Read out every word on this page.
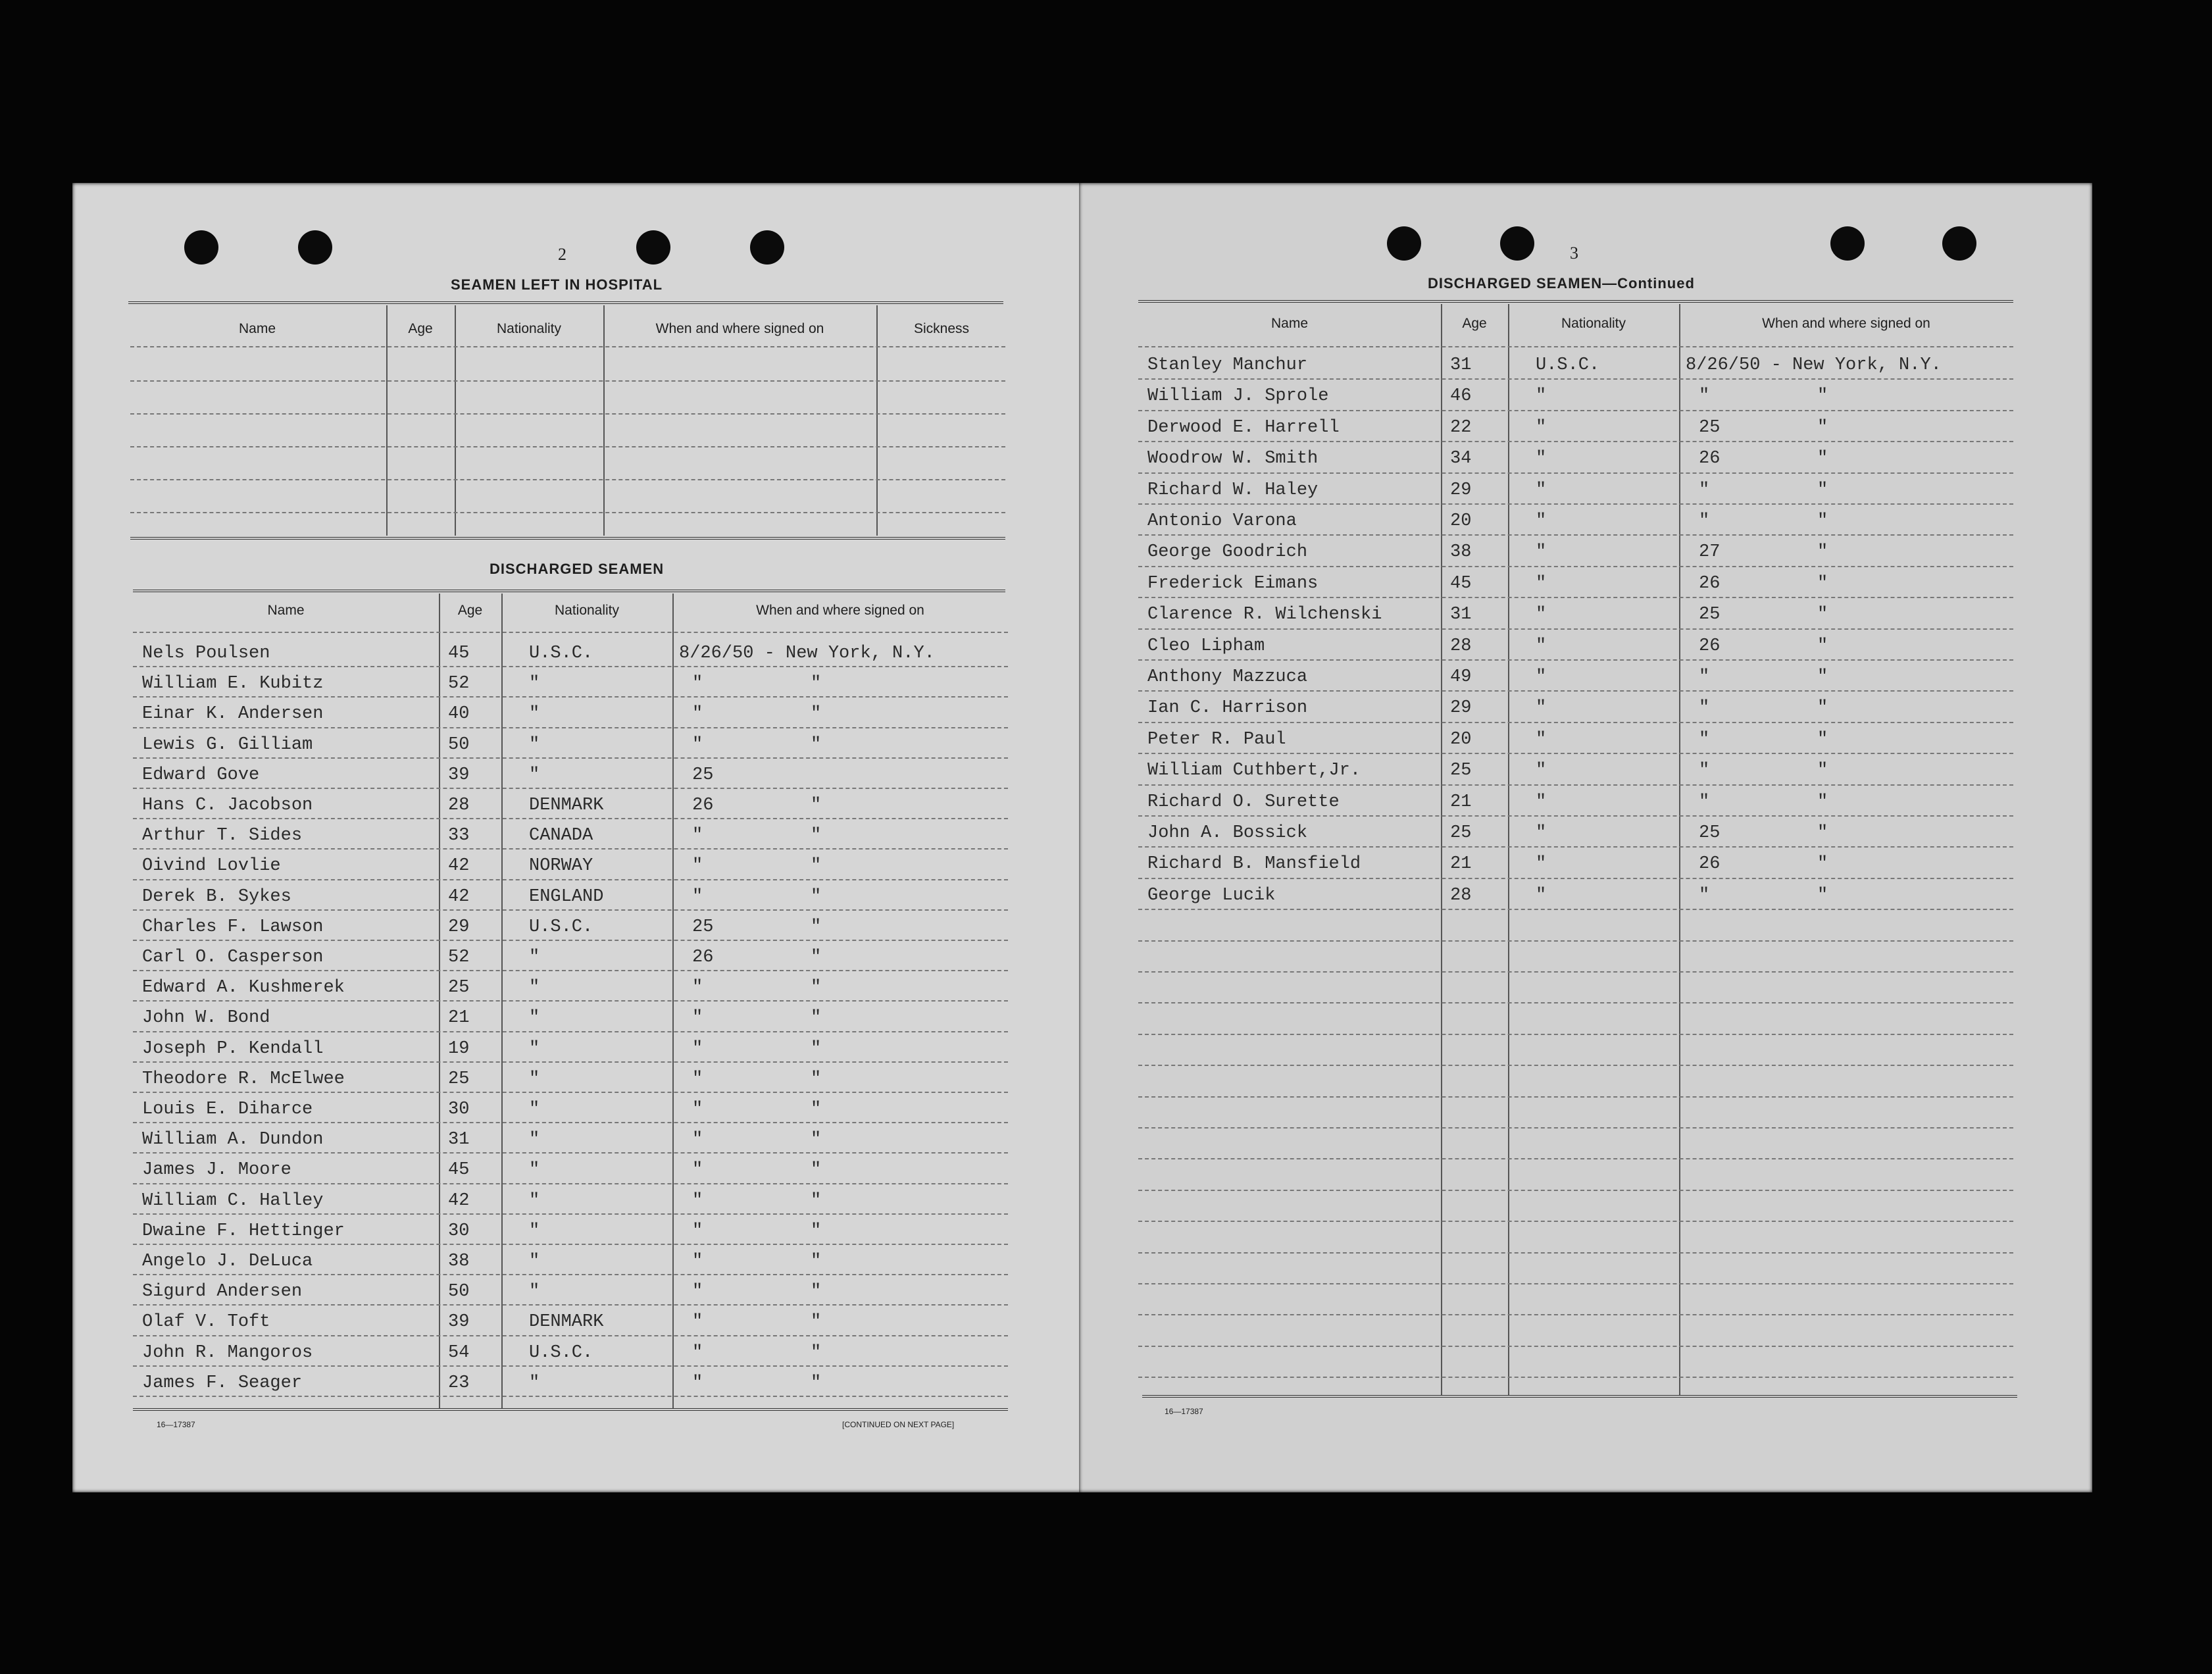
2
SEAMEN LEFT IN HOSPITAL
Name	Age	Nationality	When and where signed on	Sickness
DISCHARGED SEAMEN
Name	Age	Nationality	When and where signed on
Nels Poulsen	45	U.S.C.	8/26/50 - New York, N.Y.
William E. Kubitz	52	"	"	"
Einar K. Andersen	40	"	"	"
Lewis G. Gilliam	50	"	"	"
Edward Gove	39	"	25
Hans C. Jacobson	28	DENMARK	26	"
Arthur T. Sides	33	CANADA	"	"
Oivind Lovlie	42	NORWAY	"	"
Derek B. Sykes	42	ENGLAND	"	"
Charles F. Lawson	29	U.S.C.	25	"
Carl O. Casperson	52	"	26	"
Edward A. Kushmerek	25	"	"	"
John W. Bond	21	"	"	"
Joseph P. Kendall	19	"	"	"
Theodore R. McElwee	25	"	"	"
Louis E. Diharce	30	"	"	"
William A. Dundon	31	"	"	"
James J. Moore	45	"	"	"
William C. Halley	42	"	"	"
Dwaine F. Hettinger	30	"	"	"
Angelo J. DeLuca	38	"	"	"
Sigurd Andersen	50	"	"	"
Olaf V. Toft	39	DENMARK	"	"
John R. Mangoros	54	U.S.C.	"	"
James F. Seager	23	"	"	"
16—17387	[CONTINUED ON NEXT PAGE]
3
DISCHARGED SEAMEN—Continued
Name	Age	Nationality	When and where signed on
Stanley Manchur	31	U.S.C.	8/26/50 - New York, N.Y.
William J. Sprole	46	"	"	"
Derwood E. Harrell	22	"	25	"
Woodrow W. Smith	34	"	26	"
Richard W. Haley	29	"	"	"
Antonio Varona	20	"	"	"
George Goodrich	38	"	27	"
Frederick Eimans	45	"	26	"
Clarence R. Wilchenski	31	"	25	"
Cleo Lipham	28	"	26	"
Anthony Mazzuca	49	"	"	"
Ian C. Harrison	29	"	"	"
Peter R. Paul	20	"	"	"
William Cuthbert,Jr.	25	"	"	"
Richard O. Surette	21	"	"	"
John A. Bossick	25	"	25	"
Richard B. Mansfield	21	"	26	"
George Lucik	28	"	"	"
16—17387
